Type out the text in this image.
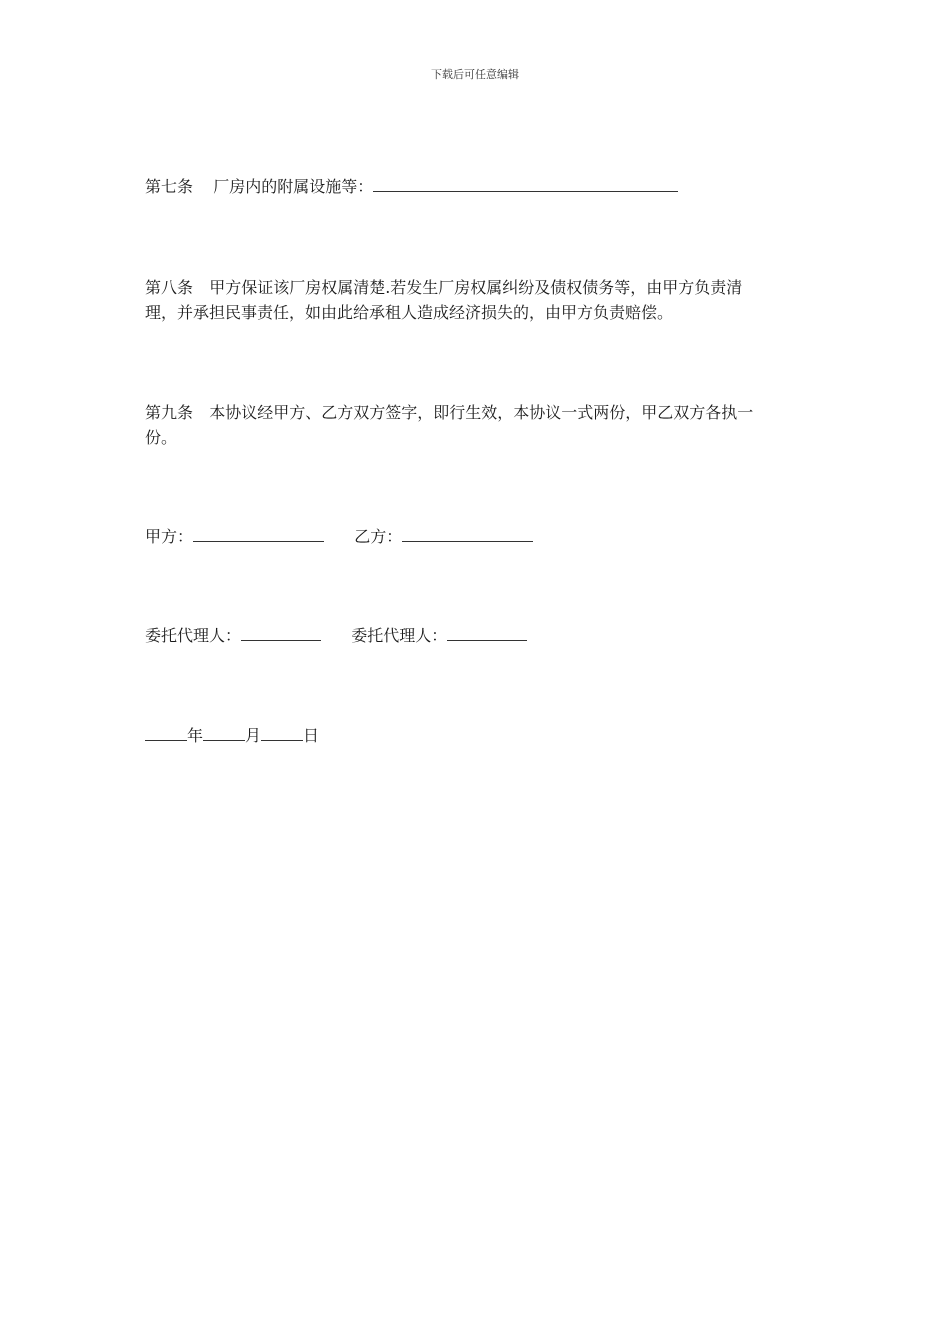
下载后可任意编辑
第七条 厂房内的附属设施等：
第八条 甲方保证该厂房权属清楚.若发生厂房权属纠纷及债权债务等，由甲方负责清
理，并承担民事责任，如由此给承租人造成经济损失的，由甲方负责赔偿。
第九条 本协议经甲方、乙方双方签字，即行生效，本协议一式两份，甲乙双方各执一
份。
甲方：	乙方：
委托代理人：	委托代理人：
年	月	日
